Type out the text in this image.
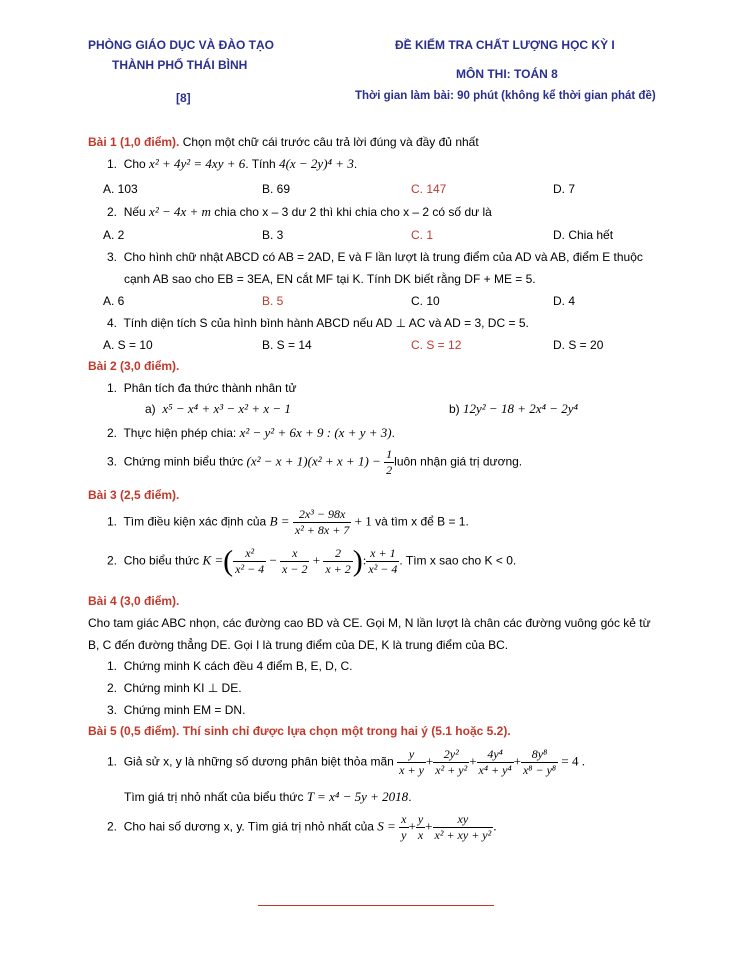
PHÒNG GIÁO DỤC VÀ ĐÀO TẠO
THÀNH PHỐ THÁI BÌNH
[8]
ĐỀ KIỂM TRA CHẤT LƯỢNG HỌC KỲ I
MÔN THI: TOÁN 8
Thời gian làm bài: 90 phút (không kể thời gian phát đề)
Bài 1 (1,0 điểm). Chọn một chữ cái trước câu trả lời đúng và đầy đủ nhất
1. Cho x² + 4y² = 4xy + 6. Tính 4(x − 2y)⁴ + 3.
A. 103	B. 69	C. 147	D. 7
2. Nếu x² − 4x + m chia cho x – 3 dư 2 thì khi chia cho x – 2 có số dư là
A. 2	B. 3	C. 1	D. Chia hết
3. Cho hình chữ nhật ABCD có AB = 2AD, E và F lần lượt là trung điểm của AD và AB, điểm E thuộc
cạnh AB sao cho EB = 3EA, EN cắt MF tại K. Tính DK biết rằng DF + ME = 5.
A. 6	B. 5	C. 10	D. 4
4. Tính diện tích S của hình bình hành ABCD nếu AD ⊥ AC và AD = 3, DC = 5.
A. S = 10	B. S = 14	C. S = 12	D. S = 20
Bài 2 (3,0 điểm).
1. Phân tích đa thức thành nhân tử
a) x⁵ − x⁴ + x³ − x² + x − 1	b) 12y² − 18 + 2x⁴ − 2y⁴
2. Thực hiện phép chia: x² − y² + 6x + 9 : (x + y + 3).
3. Chứng minh biểu thức $(x^2 - x + 1)(x^2 + x + 1) - \frac{1}{2}$ luôn nhận giá trị dương.
Bài 3 (2,5 điểm).
1. Tìm điều kiện xác định của $B = \frac{\text{2x³ − 98x}}{\text{x² + 8x + 7}} + 1$ và tìm x để B = 1.
2. Cho biểu thức K =( $\frac{\text{x²}}{\text{x² − 4}} - \frac{x}{x - 2} + \frac{2}{x + 2}$ ): $\frac{x + 1}{\text{x² − 4}}$ . Tìm x sao cho K < 0.
Bài 4 (3,0 điểm).
Cho tam giác ABC nhọn, các đường cao BD và CE. Gọi M, N lần lượt là chân các đường vuông góc kẻ từ
B, C đến đường thẳng DE. Gọi I là trung điểm của DE, K là trung điểm của BC.
1. Chứng minh K cách đều 4 điểm B, E, D, C.
2. Chứng minh KI ⊥ DE.
3. Chứng minh EM = DN.
Bài 5 (0,5 điểm). Thí sinh chỉ được lựa chọn một trong hai ý (5.1 hoặc 5.2).
1. Giả sử x, y là những số dương phân biệt thỏa mãn $\frac{y}{x + y} + \frac{\text{2y²}}{\text{x² + y²}} + \frac{\text{4y⁴}}{\text{x⁴ + y⁴}} + \frac{\text{8y⁸}}{\text{x⁸ − y⁸}} = 4$ .
Tìm giá trị nhỏ nhất của biểu thức T = x⁴ − 5y + 2018.
2. Cho hai số dương x, y. Tìm giá trị nhỏ nhất của $S = \frac{x}{y} + \frac{y}{x} + \frac{xy}{\text{x² + xy + y²}}$ .
